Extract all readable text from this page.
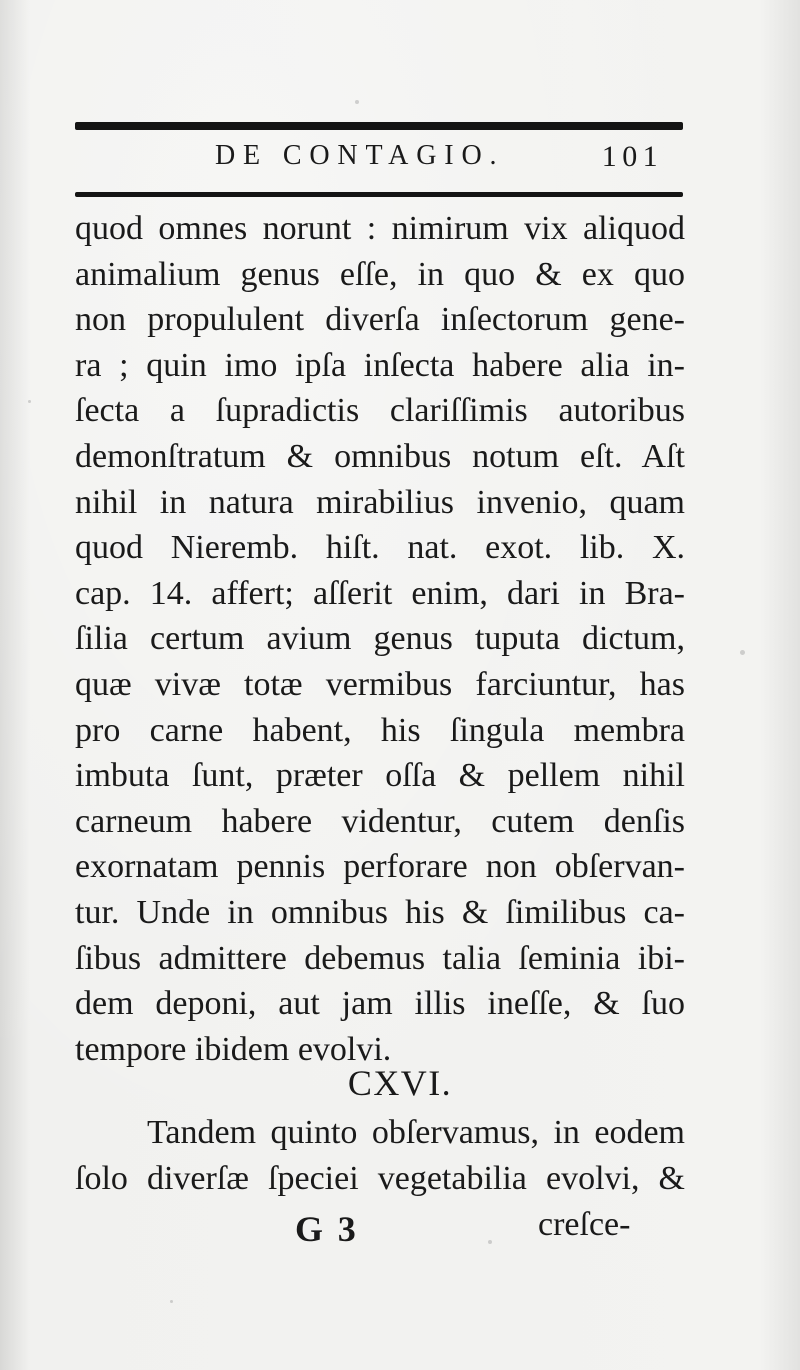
DE CONTAGIO.	101
quod omnes norunt : nimirum vix aliquod
animalium genus eſſe, in quo & ex quo
non propululent diverſa inſectorum gene-
ra ; quin imo ipſa inſecta habere alia in-
ſecta a ſupradictis clariſſimis autoribus
demonſtratum & omnibus notum eſt. Aſt
nihil in natura mirabilius invenio, quam
quod Nieremb. hiſt. nat. exot. lib. X.
cap. 14. affert; aſſerit enim, dari in Bra-
ſilia certum avium genus tuputa dictum,
quæ vivæ totæ vermibus farciuntur, has
pro carne habent, his ſingula membra
imbuta ſunt, præter oſſa & pellem nihil
carneum habere videntur, cutem denſis
exornatam pennis perforare non obſervan-
tur. Unde in omnibus his & ſimilibus ca-
ſibus admittere debemus talia ſeminia ibi-
dem deponi, aut jam illis ineſſe, & ſuo
tempore ibidem evolvi.
CXVI.
Tandem quinto obſervamus, in eodem
ſolo diverſæ ſpeciei vegetabilia evolvi, &
G 3	creſce-
